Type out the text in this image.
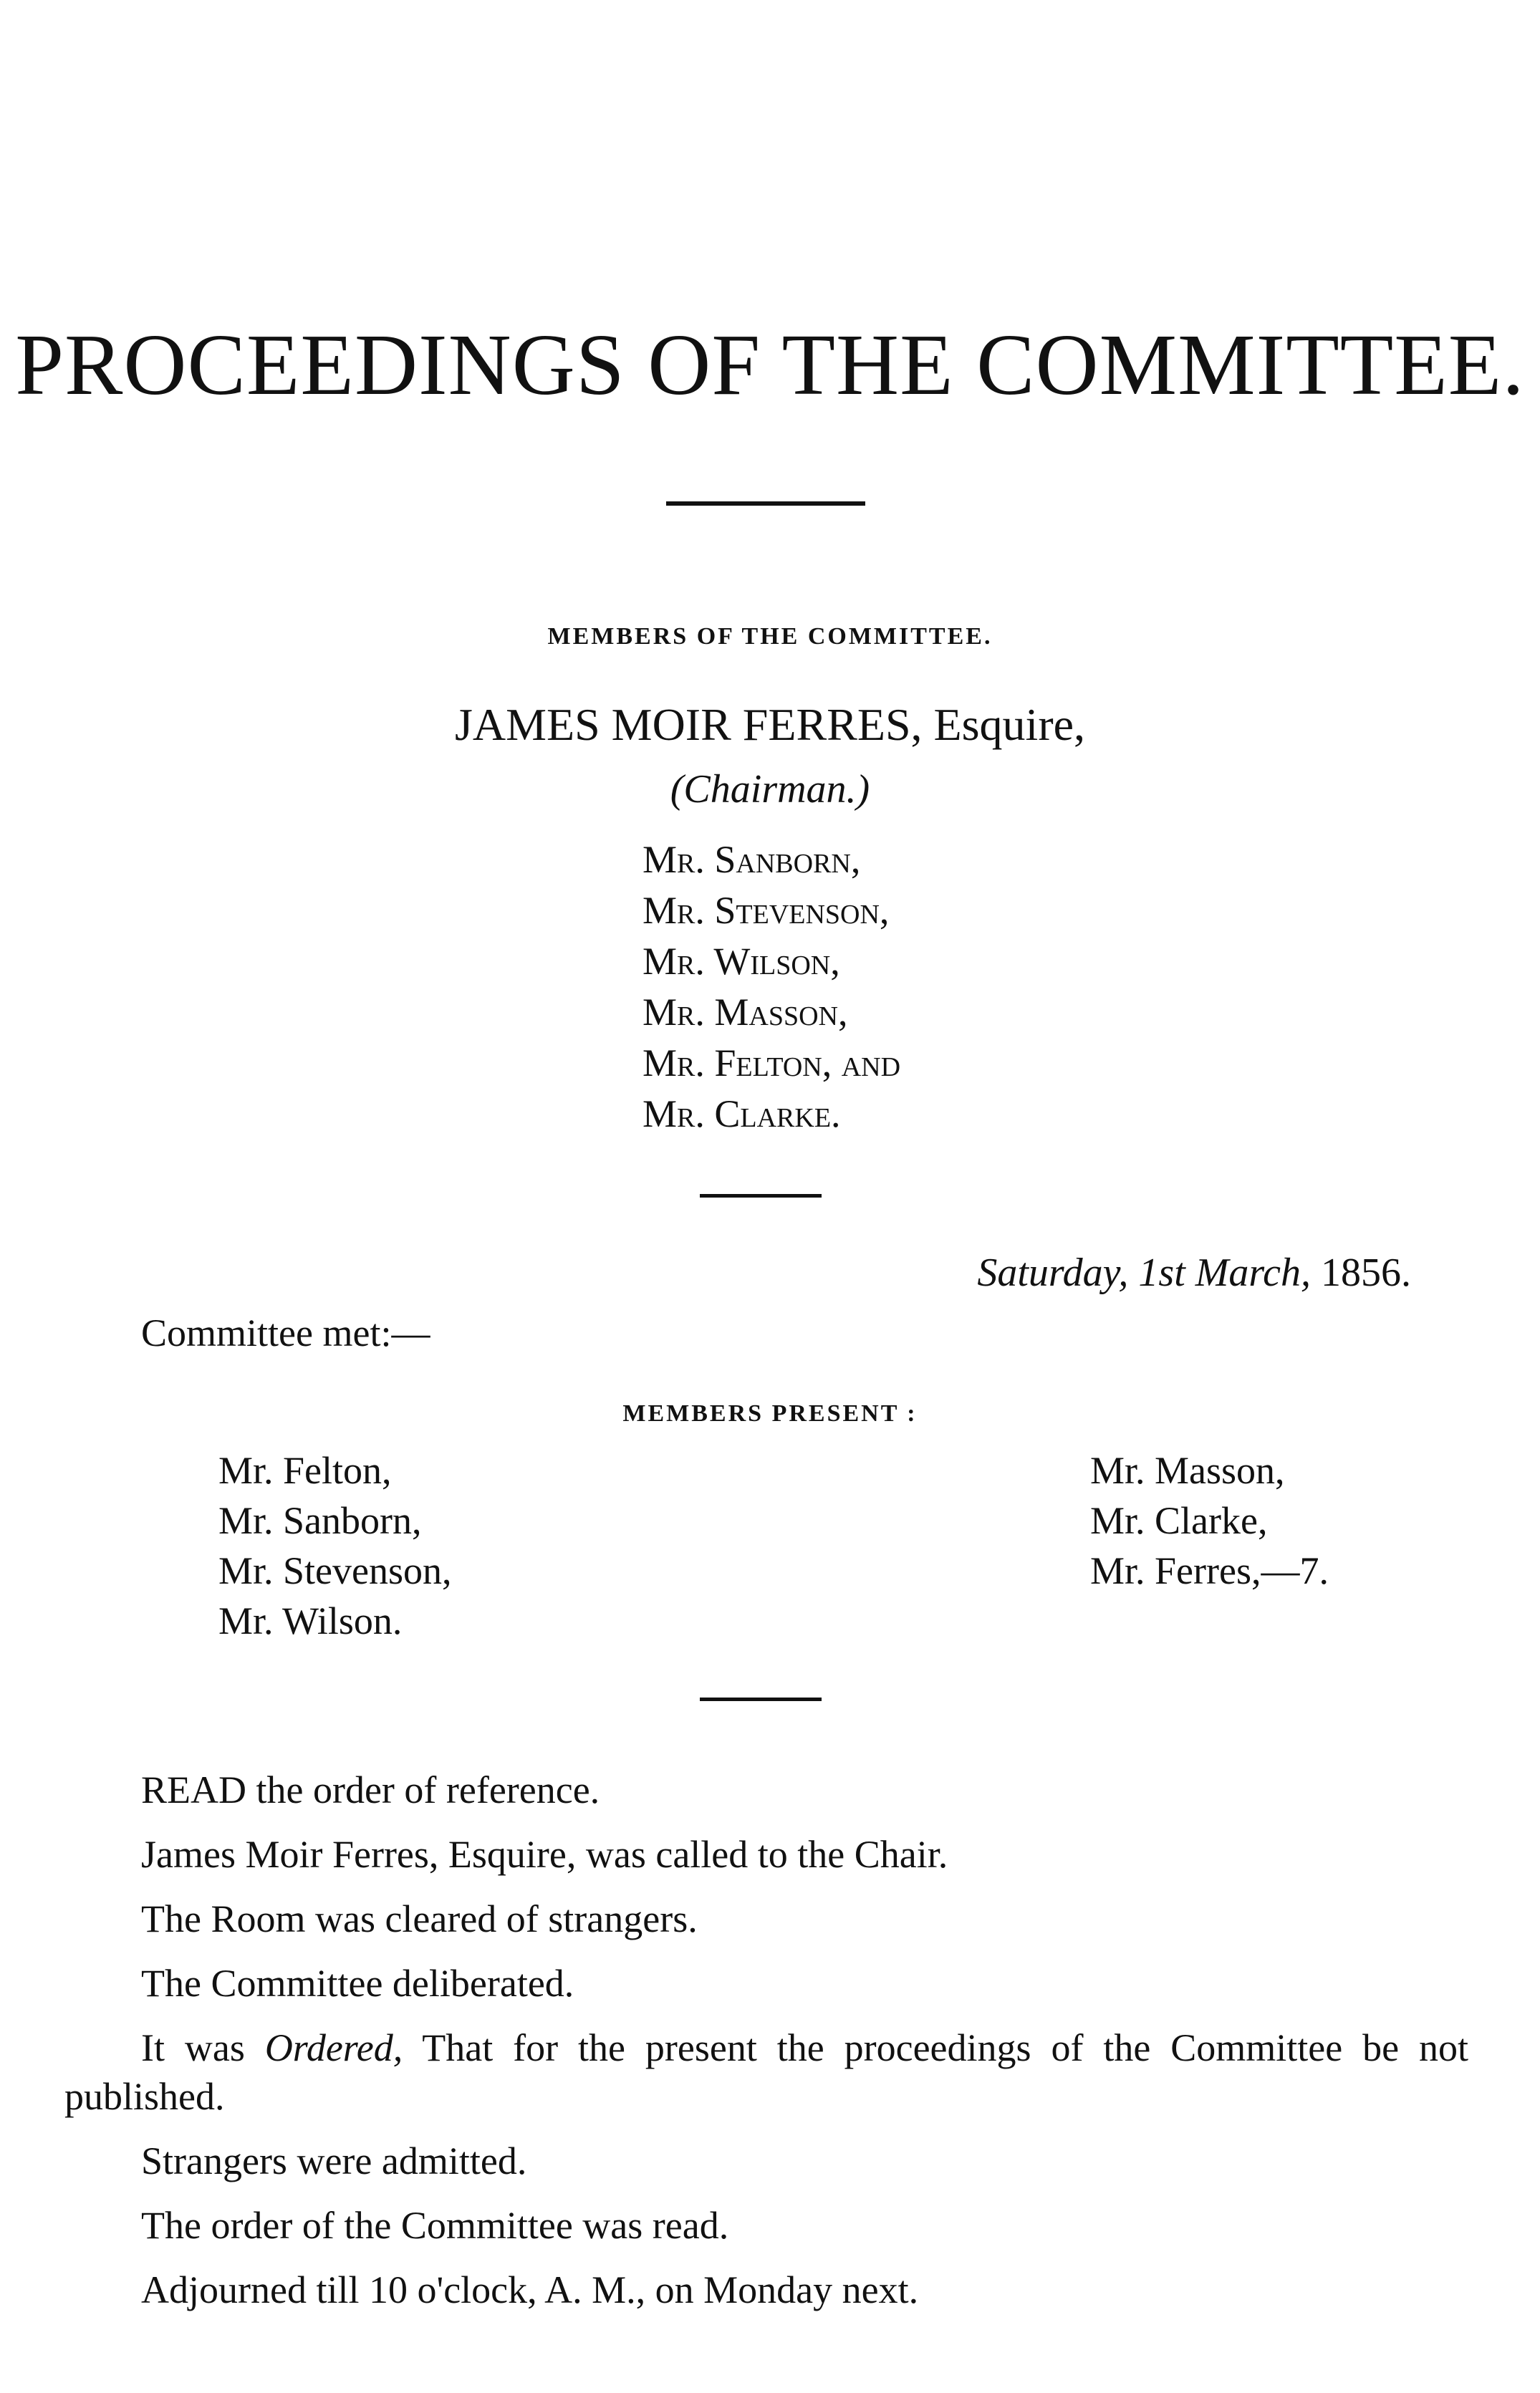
PROCEEDINGS OF THE COMMITTEE.
MEMBERS OF THE COMMITTEE.
JAMES MOIR FERRES, Esquire,
(Chairman.)
Mr. Sanborn,
Mr. Stevenson,
Mr. Wilson,
Mr. Masson,
Mr. Felton, and
Mr. Clarke.
Saturday, 1st March, 1856.
Committee met:—
MEMBERS PRESENT :
Mr. Felton,
Mr. Sanborn,
Mr. Stevenson,
Mr. Wilson.
Mr. Masson,
Mr. Clarke,
Mr. Ferres,—7.

READ the order of reference.

James Moir Ferres, Esquire, was called to the Chair.

The Room was cleared of strangers.

The Committee deliberated.

It was Ordered, That for the present the proceedings of the Committee be not published.

Strangers were admitted.

The order of the Committee was read.

Adjourned till 10 o'clock, A. M., on Monday next.
